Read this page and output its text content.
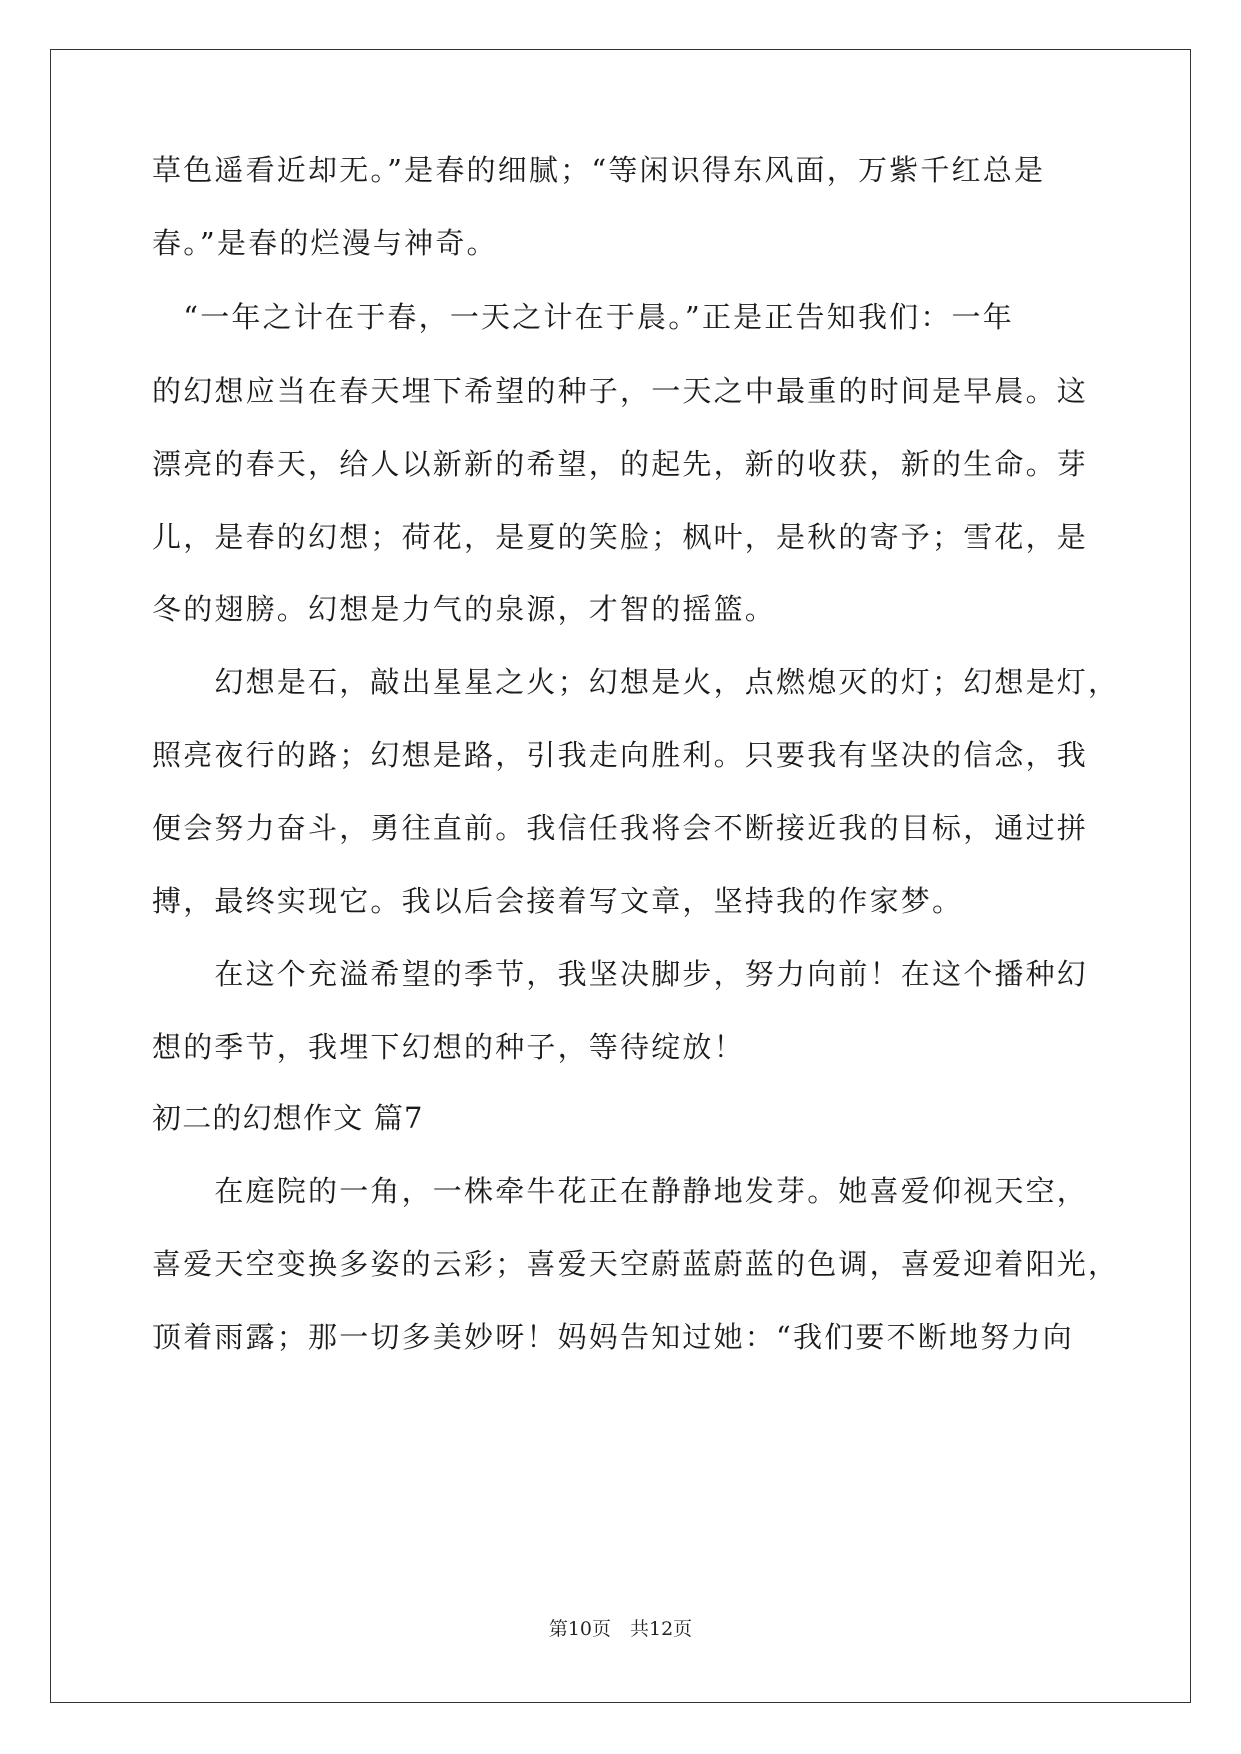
草色遥看近却无。”是春的细腻；“等闲识得东风面，万紫千红总是
春。”是春的烂漫与神奇。
　“一年之计在于春，一天之计在于晨。”正是正告知我们：一年
的幻想应当在春天埋下希望的种子，一天之中最重的时间是早晨。这
漂亮的春天，给人以新新的希望，的起先，新的收获，新的生命。芽
儿，是春的幻想；荷花，是夏的笑脸；枫叶，是秋的寄予；雪花，是
冬的翅膀。幻想是力气的泉源，才智的摇篮。
　　幻想是石，敲出星星之火；幻想是火，点燃熄灭的灯；幻想是灯，
照亮夜行的路；幻想是路，引我走向胜利。只要我有坚决的信念，我
便会努力奋斗，勇往直前。我信任我将会不断接近我的目标，通过拼
搏，最终实现它。我以后会接着写文章，坚持我的作家梦。
　　在这个充溢希望的季节，我坚决脚步，努力向前！在这个播种幻
想的季节，我埋下幻想的种子，等待绽放！
初二的幻想作文 篇7
　　在庭院的一角，一株牵牛花正在静静地发芽。她喜爱仰视天空，
喜爱天空变换多姿的云彩；喜爱天空蔚蓝蔚蓝的色调，喜爱迎着阳光，
顶着雨露；那一切多美妙呀！妈妈告知过她：“我们要不断地努力向
第10页　共12页
